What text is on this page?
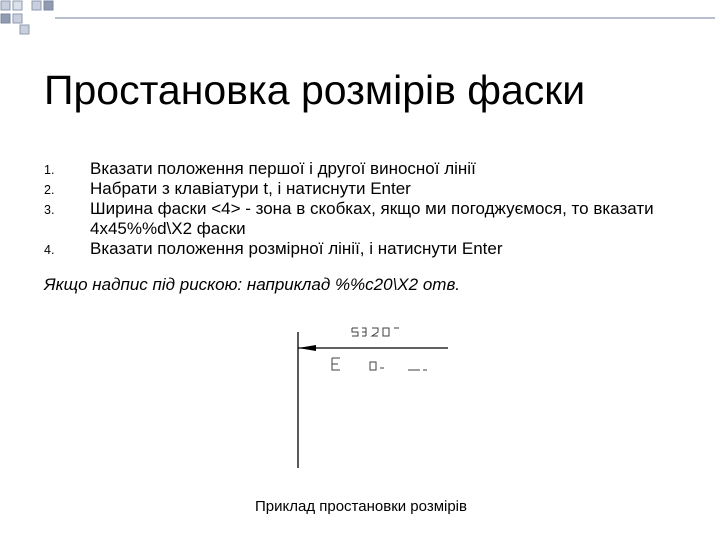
Простановка розмірів фаски
1. Вказати положення першої і другої виносної лінії
2. Набрати з клавіатури t, і натиснути Enter
3. Ширина фаски <4> - зона в скобках, якщо ми погоджуємося, то вказати 4х45%%d\X2 фаски
4. Вказати положення розмірної лінії, і натиснути Enter
Якщо надпис під рискою: наприклад %%c20\X2 отв.
Приклад простановки розмірів
